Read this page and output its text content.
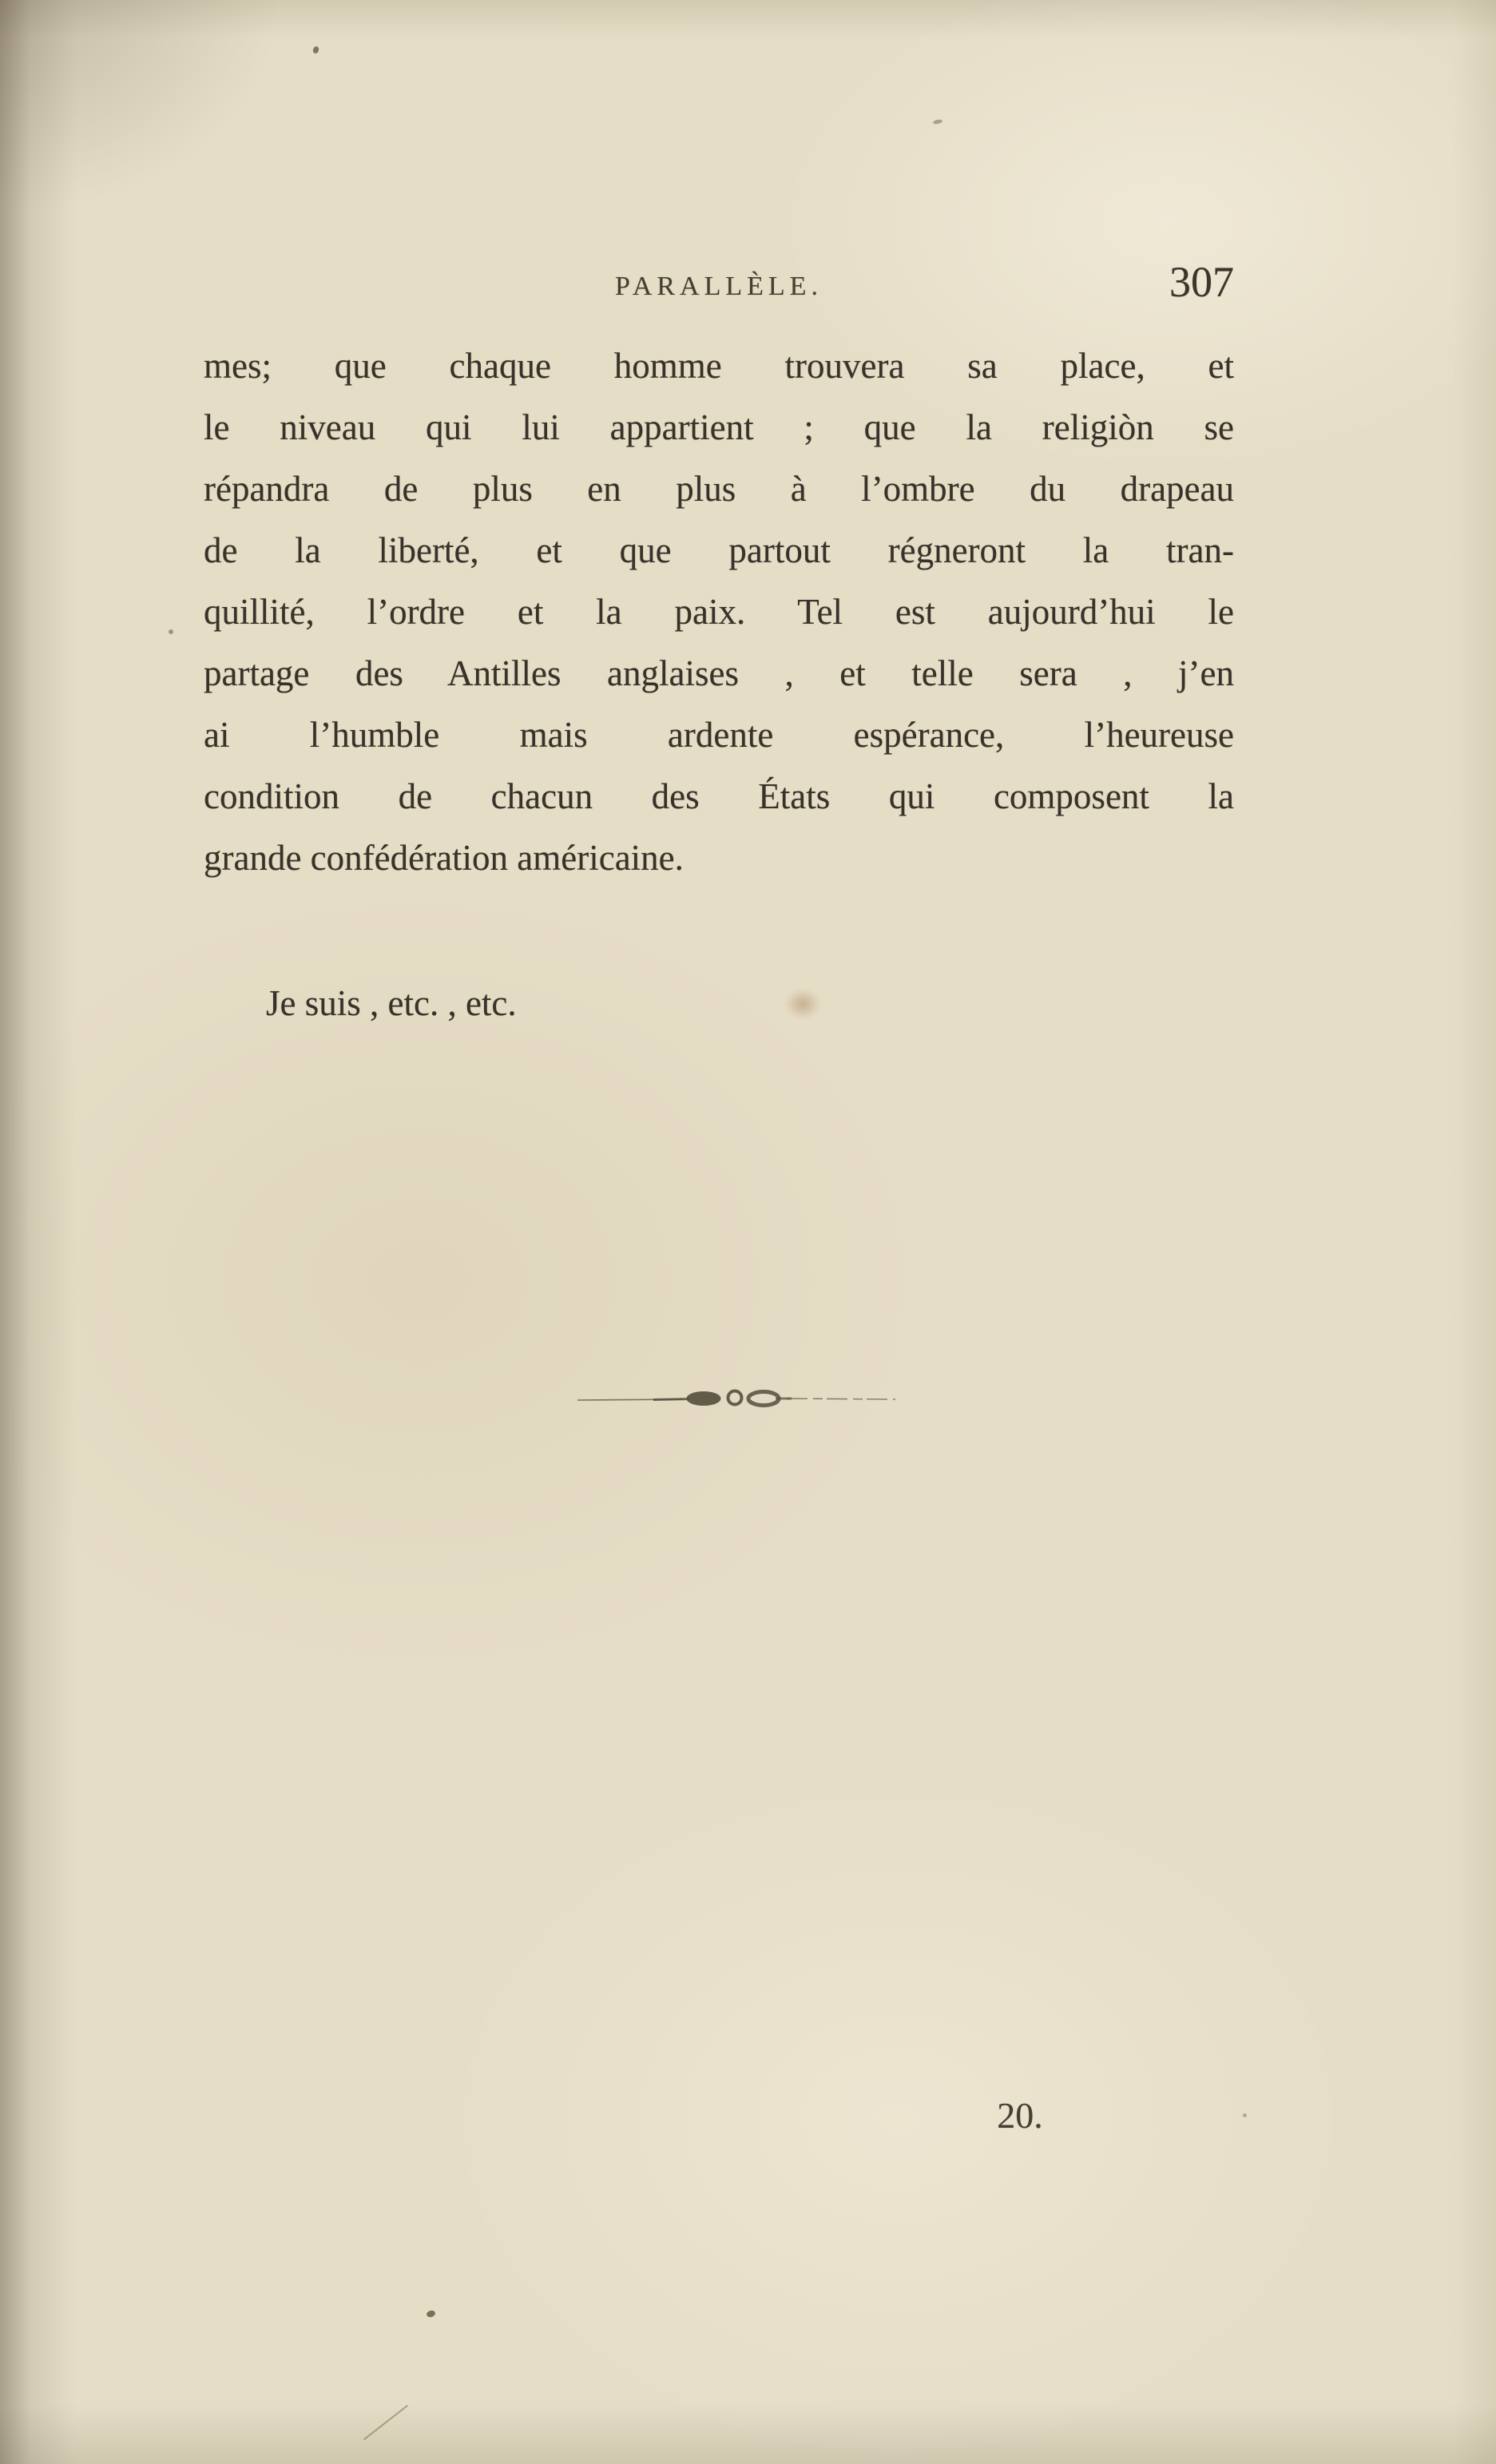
PARALLÈLE.	307
mes; que chaque homme trouvera sa place, et
le niveau qui lui appartient ; que la religiòn se
répandra de plus en plus à l’ombre du drapeau
de la liberté, et que partout régneront la tran-
quillité, l’ordre et la paix. Tel est aujourd’hui le
partage des Antilles anglaises , et telle sera , j’en
ai l’humble mais ardente espérance, l’heureuse
condition de chacun des États qui composent la
grande confédération américaine.
Je suis , etc. , etc.
20.
